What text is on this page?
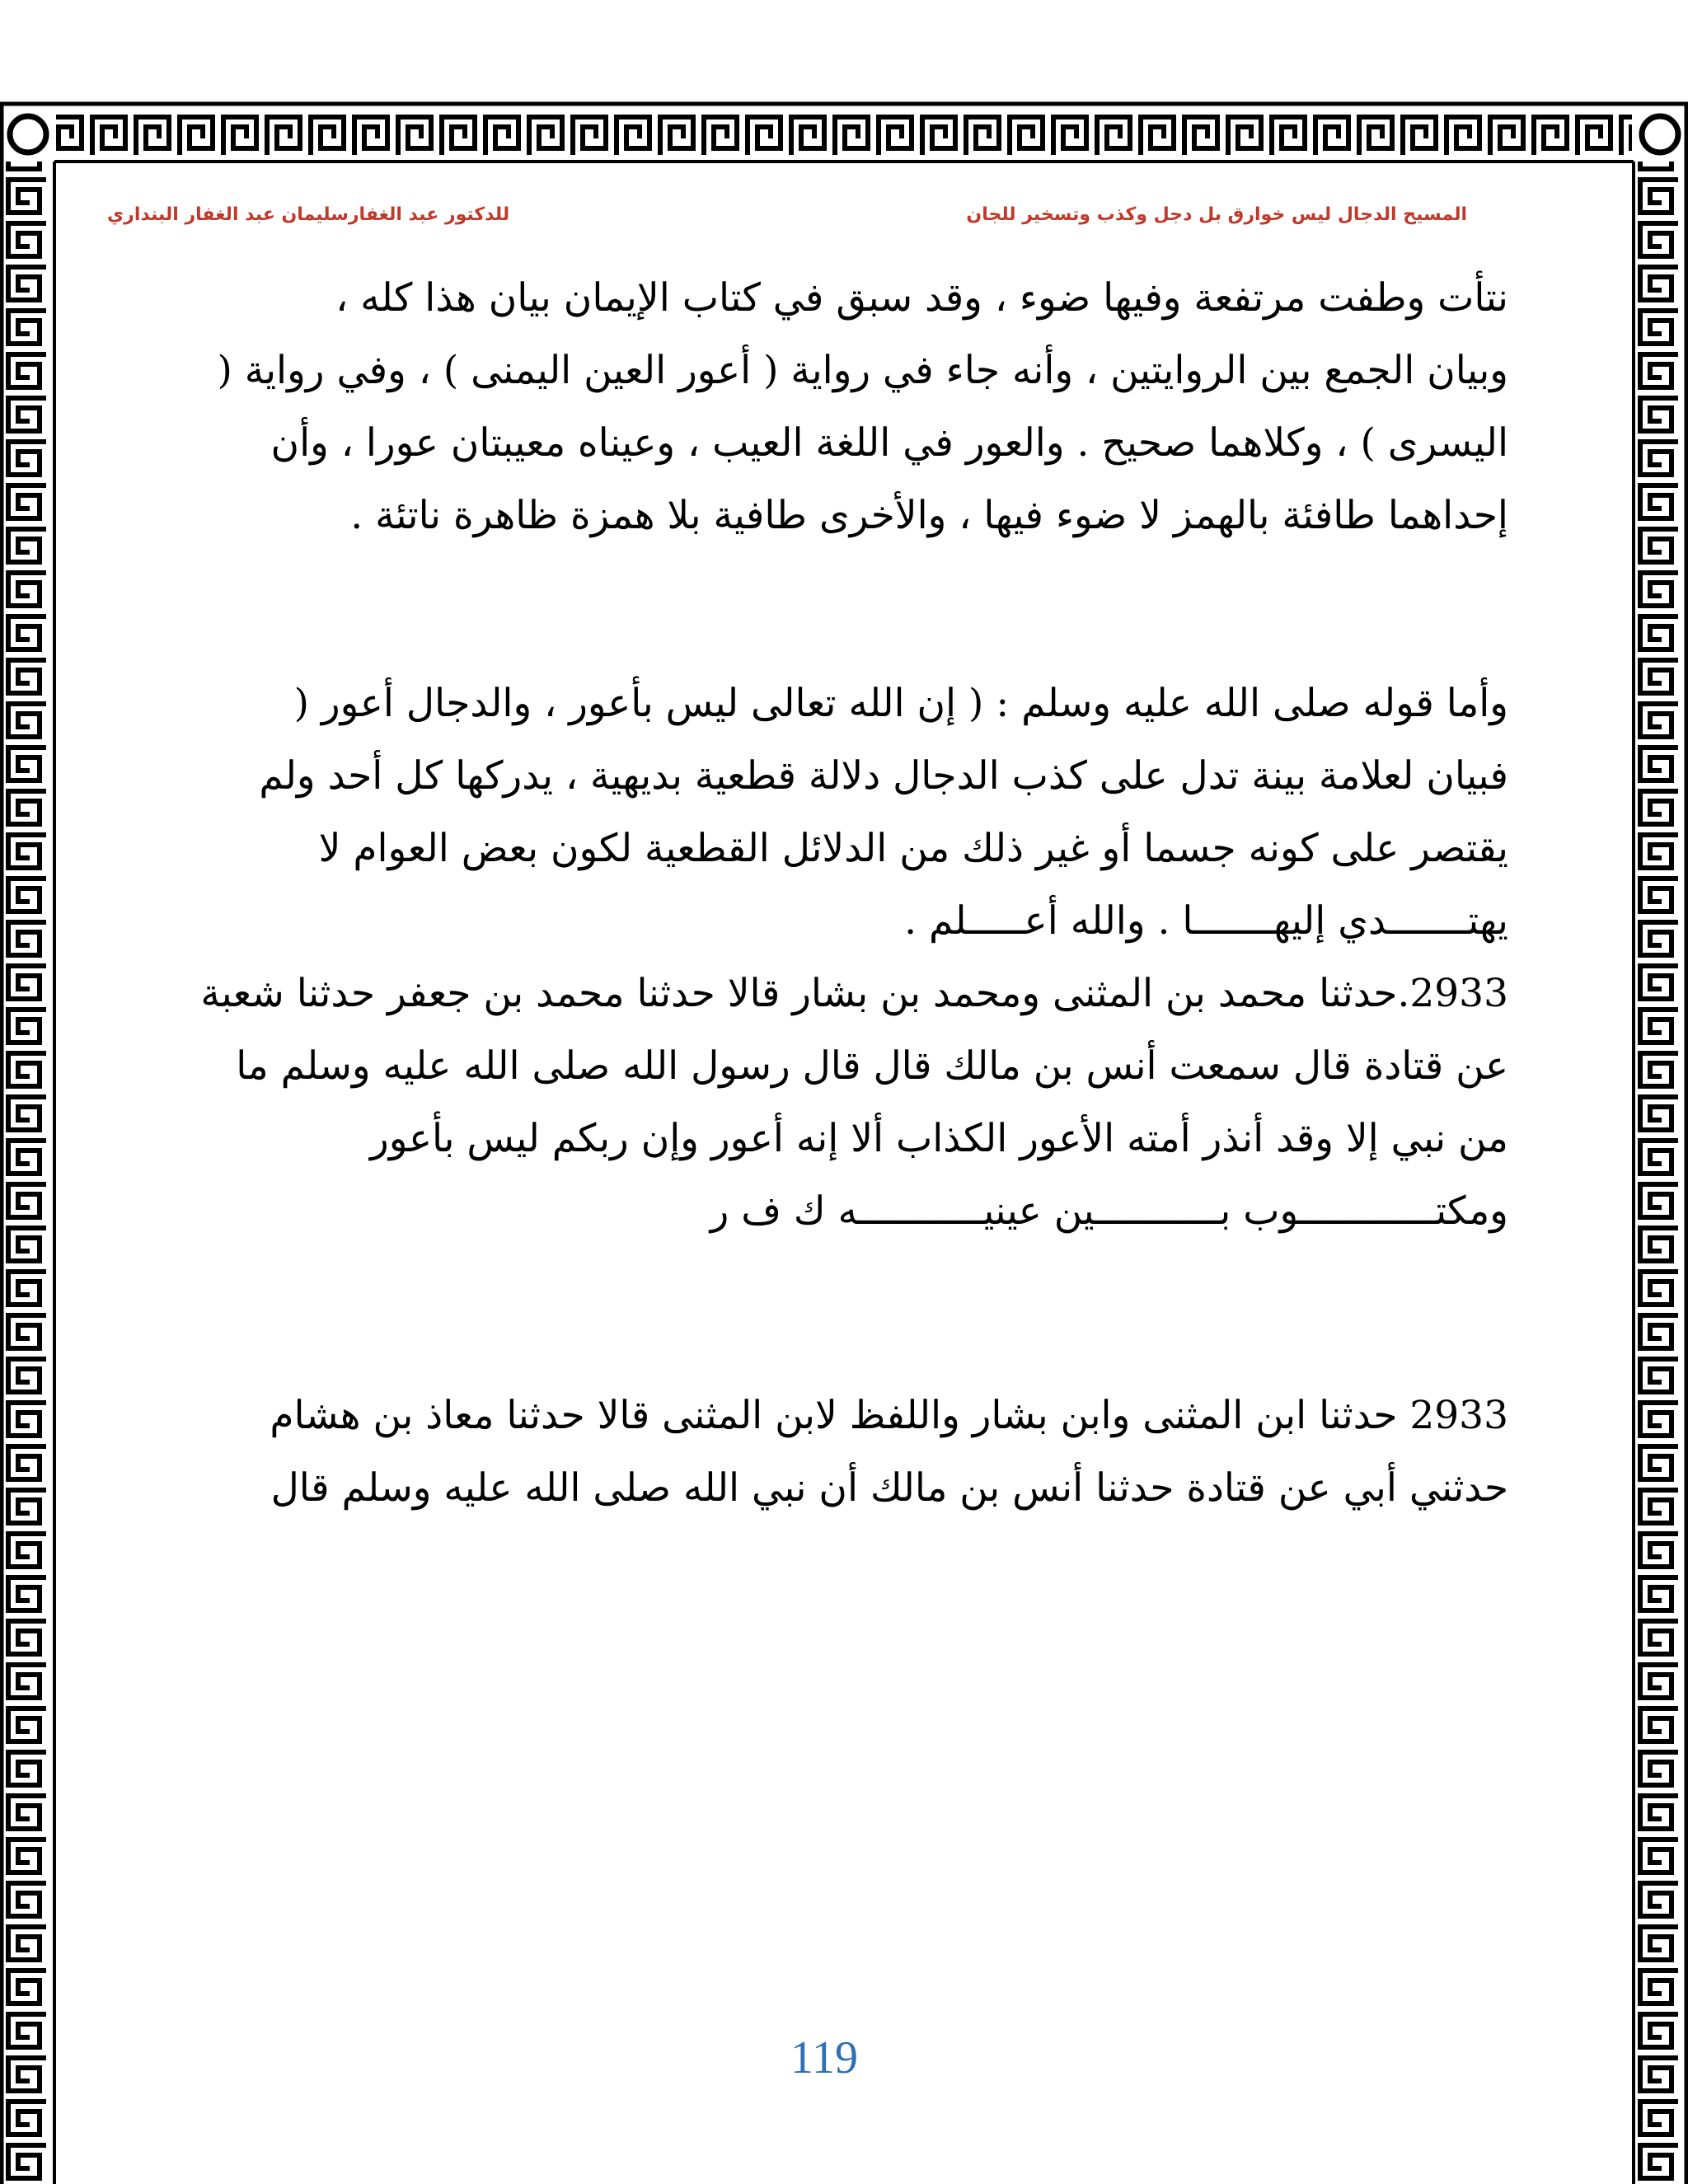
المسيح الدجال ليس خوارق بل دجل وكذب وتسخير للجان
للدكتور عبد الغفارسليمان عبد الغفار البنداري

نتأت وطفت مرتفعة وفيها ضوء ، وقد سبق في كتاب الإيمان بيان هذا كله ،

وبيان الجمع بين الروايتين ، وأنه جاء في رواية ( أعور العين اليمنى ) ، وفي رواية (

اليسرى ) ، وكلاهما صحيح . والعور في اللغة العيب ، وعيناه معيبتان عورا ، وأن

إحداهما طافئة بالهمز لا ضوء فيها ، والأخرى طافية بلا همزة ظاهرة ناتئة .

وأما قوله صلى الله عليه وسلم : ( إن الله تعالى ليس بأعور ، والدجال أعور (

فبيان لعلامة بينة تدل على كذب الدجال دلالة قطعية بديهية ، يدركها كل أحد ولم

يقتصر على كونه جسما أو غير ذلك من الدلائل القطعية لكون بعض العوام لا

يهتـــــــدي إليهـــــــا . والله أعـــــلم .

2933.حدثنا محمد بن المثنى ومحمد بن بشار قالا حدثنا محمد بن جعفر حدثنا شعبة

عن قتادة قال سمعت أنس بن مالك قال قال رسول الله صلى الله عليه وسلم ما

من نبي إلا وقد أنذر أمته الأعور الكذاب ألا إنه أعور وإن ربكم ليس بأعور

ومكتــــــــــــوب بـــــــــــين عينيـــــــــــه ك ف ر

2933 حدثنا ابن المثنى وابن بشار واللفظ لابن المثنى قالا حدثنا معاذ بن هشام

حدثني أبي عن قتادة حدثنا أنس بن مالك أن نبي الله صلى الله عليه وسلم قال

119
